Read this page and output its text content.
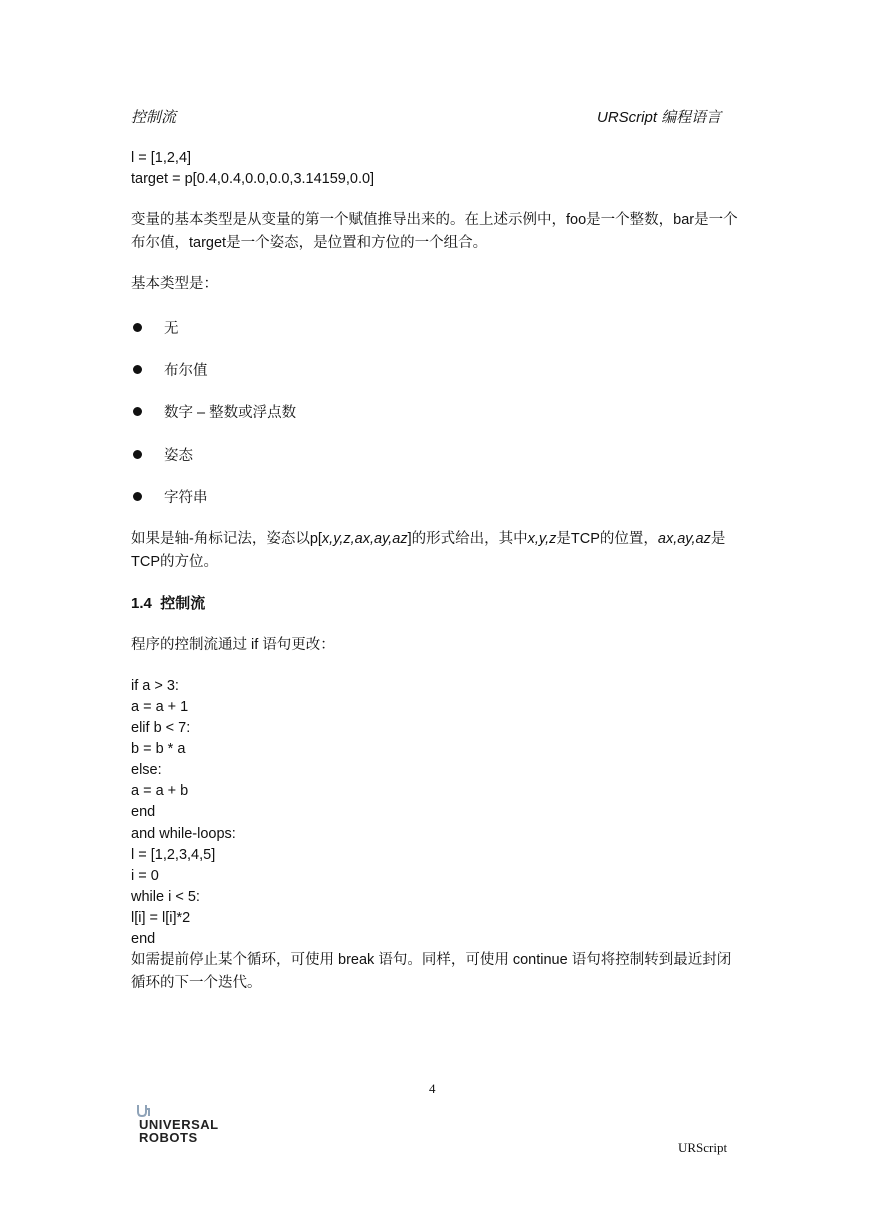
控制流	URScript 编程语言
l = [1,2,4]
target = p[0.4,0.4,0.0,0.0,3.14159,0.0]
变量的基本类型是从变量的第一个赋值推导出来的。在上述示例中，foo是一个整数，bar是一个布尔值，target是一个姿态，是位置和方位的一个组合。
基本类型是：
无
布尔值
数字 – 整数或浮点数
姿态
字符串
如果是轴-角标记法，姿态以p[x,y,z,ax,ay,az]的形式给出，其中x,y,z是TCP的位置，ax,ay,az是TCP的方位。
1.4 控制流
程序的控制流通过 if 语句更改：
if a > 3:
a = a + 1
elif b < 7:
b = b * a
else:
a = a + b
end
and while-loops:
l = [1,2,3,4,5]
i = 0
while i < 5:
l[i] = l[i]*2
end
如需提前停止某个循环，可使用 break 语句。同样，可使用 continue 语句将控制转到最近封闭循环的下一个迭代。
4
UNIVERSAL
ROBOTS
URScript
